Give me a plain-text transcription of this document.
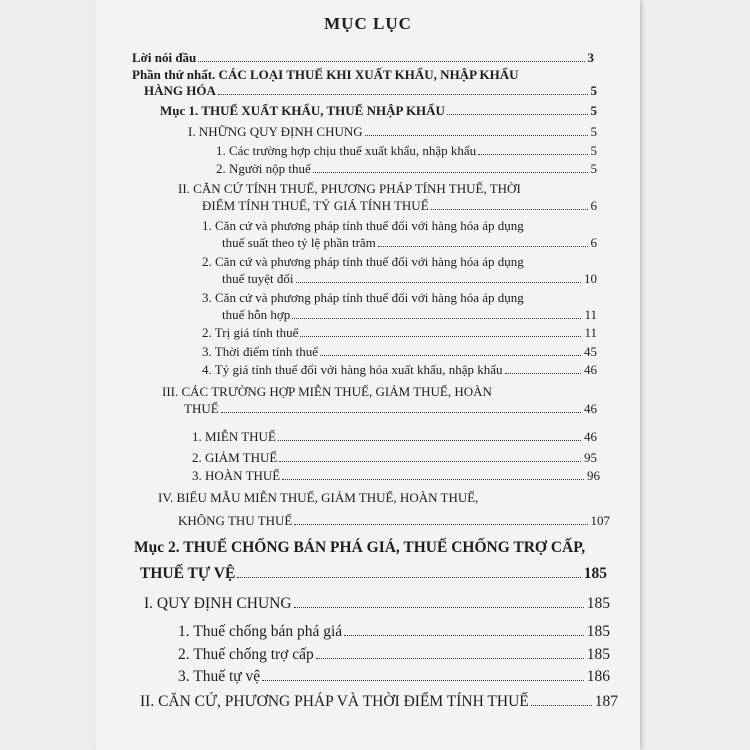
MỤC LỤC
Lời nói đầu	3
Phần thứ nhất. CÁC LOẠI THUẾ KHI XUẤT KHẨU, NHẬP KHẨU
HÀNG HÓA	5
Mục 1. THUẾ XUẤT KHẨU, THUẾ NHẬP KHẨU	5
I. NHỮNG QUY ĐỊNH CHUNG	5
1. Các trường hợp chịu thuế xuất khẩu, nhập khẩu	5
2. Người nộp thuế	5
II. CĂN CỨ TÍNH THUẾ, PHƯƠNG PHÁP TÍNH THUẾ, THỜI
ĐIỂM TÍNH THUẾ, TỶ GIÁ TÍNH THUẾ	6
1. Căn cứ và phương pháp tính thuế đối với hàng hóa áp dụng
thuế suất theo tỷ lệ phần trăm	6
2. Căn cứ và phương pháp tính thuế đối với hàng hóa áp dụng
thuế tuyệt đối	10
3. Căn cứ và phương pháp tính thuế đối với hàng hóa áp dụng
thuế hỗn hợp	11
2. Trị giá tính thuế	11
3. Thời điểm tính thuế	45
4. Tỷ giá tính thuế đối với hàng hóa xuất khẩu, nhập khẩu	46
III. CÁC TRƯỜNG HỢP MIỄN THUẾ, GIẢM THUẾ, HOÀN
THUẾ	46
1. MIỄN THUẾ	46
2. GIẢM THUẾ	95
3. HOÀN THUẾ	96
IV. BIỂU MẪU MIỄN THUẾ, GIẢM THUẾ, HOÀN THUẾ,
KHÔNG THU THUẾ	107
Mục 2. THUẾ CHỐNG BÁN PHÁ GIÁ, THUẾ CHỐNG TRỢ CẤP,
THUẾ TỰ VỆ	185
I. QUY ĐỊNH CHUNG	185
1. Thuế chống bán phá giá	185
2. Thuế chống trợ cấp	185
3. Thuế tự vệ	186
II. CĂN CỨ, PHƯƠNG PHÁP VÀ THỜI ĐIỂM TÍNH THUẾ	187
